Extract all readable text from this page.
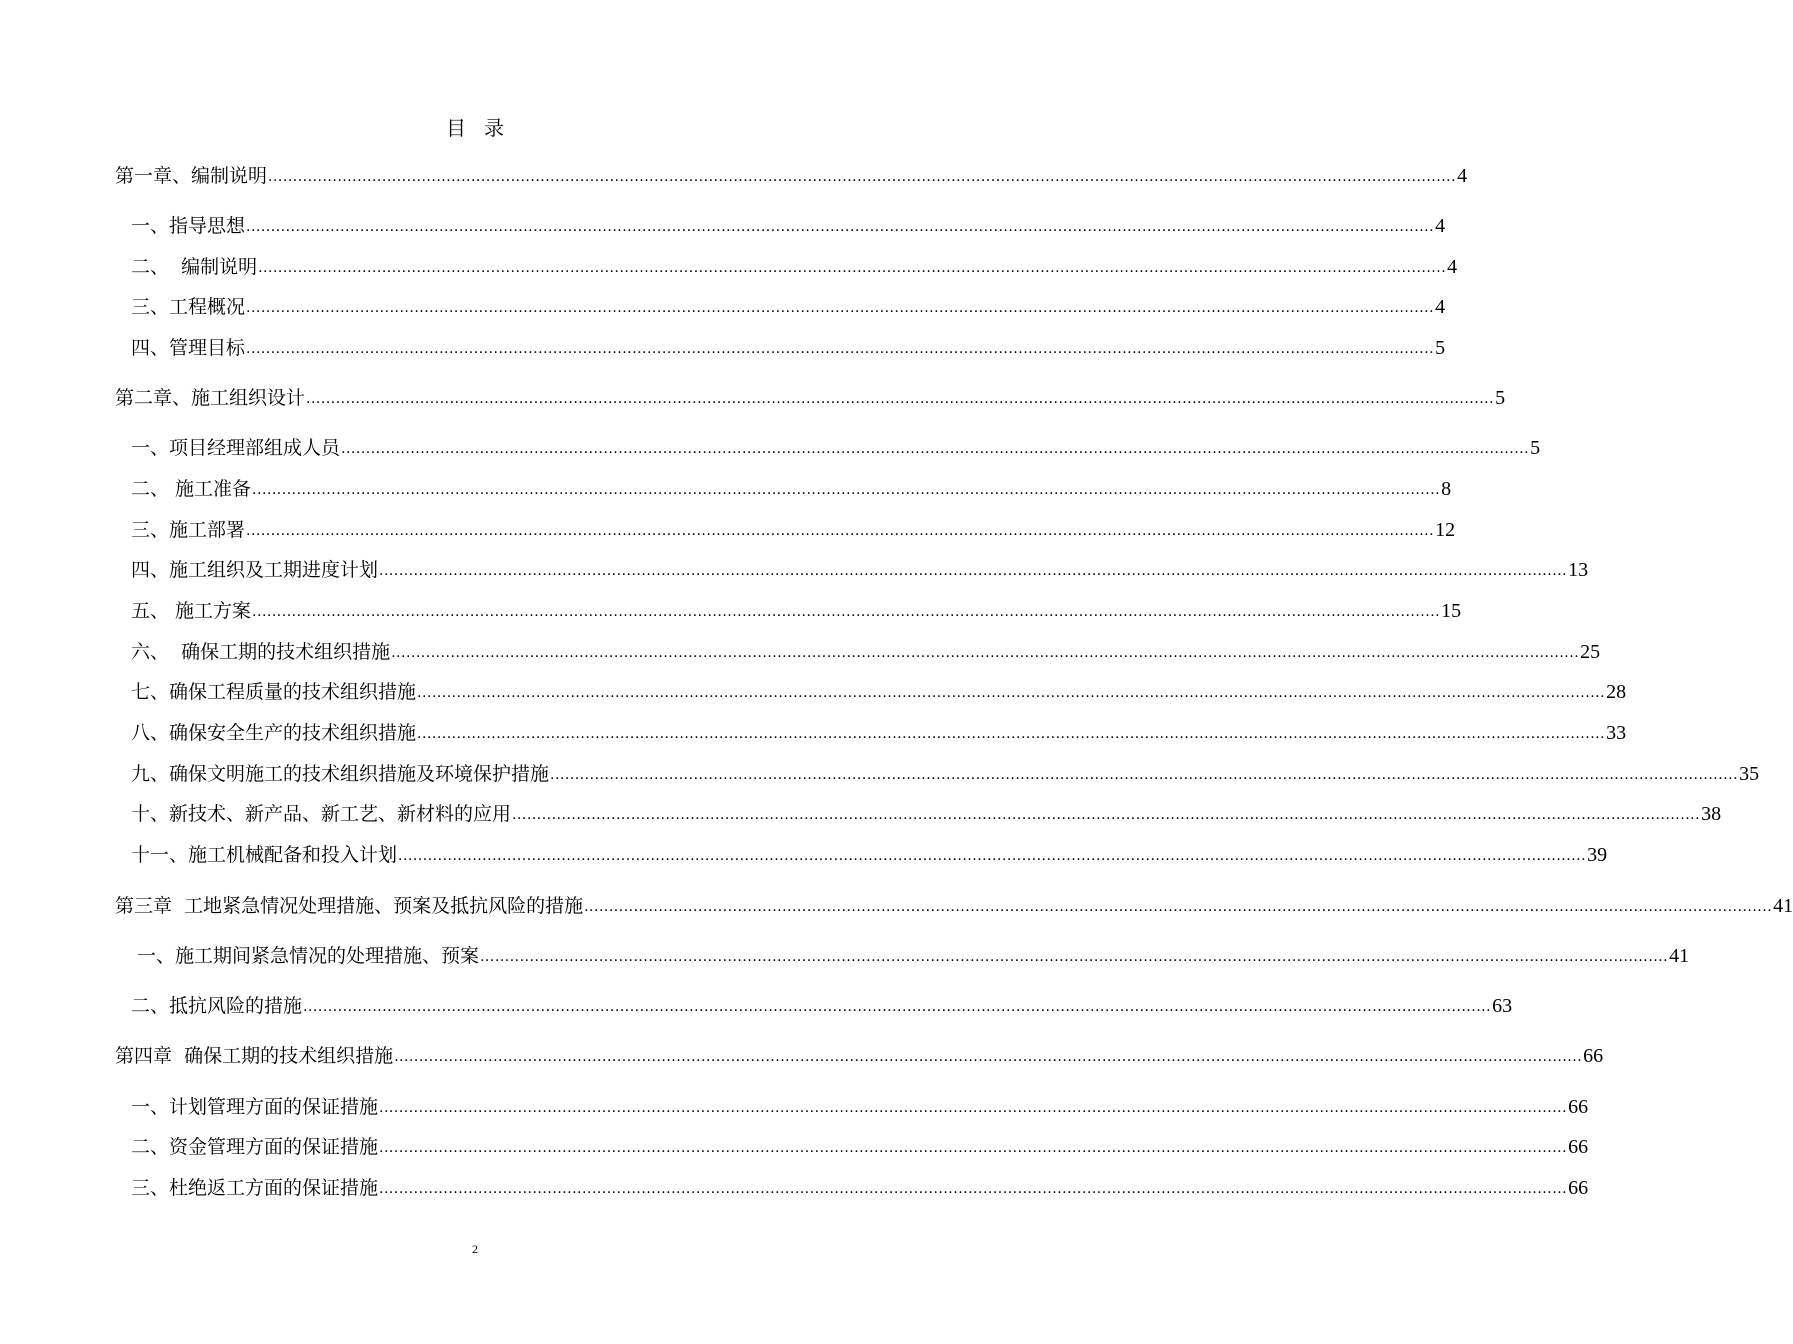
目录
第一章、编制说明 ................................................................................................................................................................................................................................................ 4
一、指导思想 ................................................................................................................................................................................................................................................ 4
二、  编制说明 ................................................................................................................................................................................................................................................ 4
三、工程概况 ................................................................................................................................................................................................................................................ 4
四、管理目标 ................................................................................................................................................................................................................................................ 5
第二章、施工组织设计 ................................................................................................................................................................................................................................................ 5
一、项目经理部组成人员 ................................................................................................................................................................................................................................................ 5
二、 施工准备 ................................................................................................................................................................................................................................................ 8
三、施工部署 ................................................................................................................................................................................................................................................ 12
四、施工组织及工期进度计划 ................................................................................................................................................................................................................................................ 13
五、 施工方案 ................................................................................................................................................................................................................................................ 15
六、  确保工期的技术组织措施 ................................................................................................................................................................................................................................................ 25
七、确保工程质量的技术组织措施 ................................................................................................................................................................................................................................................ 28
八、确保安全生产的技术组织措施 ................................................................................................................................................................................................................................................ 33
九、确保文明施工的技术组织措施及环境保护措施 ................................................................................................................................................................................................................................................ 35
十、新技术、新产品、新工艺、新材料的应用 ................................................................................................................................................................................................................................................ 38
十一、施工机械配备和投入计划 ................................................................................................................................................................................................................................................ 39
第三章  工地紧急情况处理措施、预案及抵抗风险的措施 ................................................................................................................................................................................................................................................ 41
一、施工期间紧急情况的处理措施、预案 ................................................................................................................................................................................................................................................ 41
二、抵抗风险的措施 ................................................................................................................................................................................................................................................ 63
第四章  确保工期的技术组织措施 ................................................................................................................................................................................................................................................ 66
一、计划管理方面的保证措施 ................................................................................................................................................................................................................................................ 66
二、资金管理方面的保证措施 ................................................................................................................................................................................................................................................ 66
三、杜绝返工方面的保证措施 ................................................................................................................................................................................................................................................ 66
2
